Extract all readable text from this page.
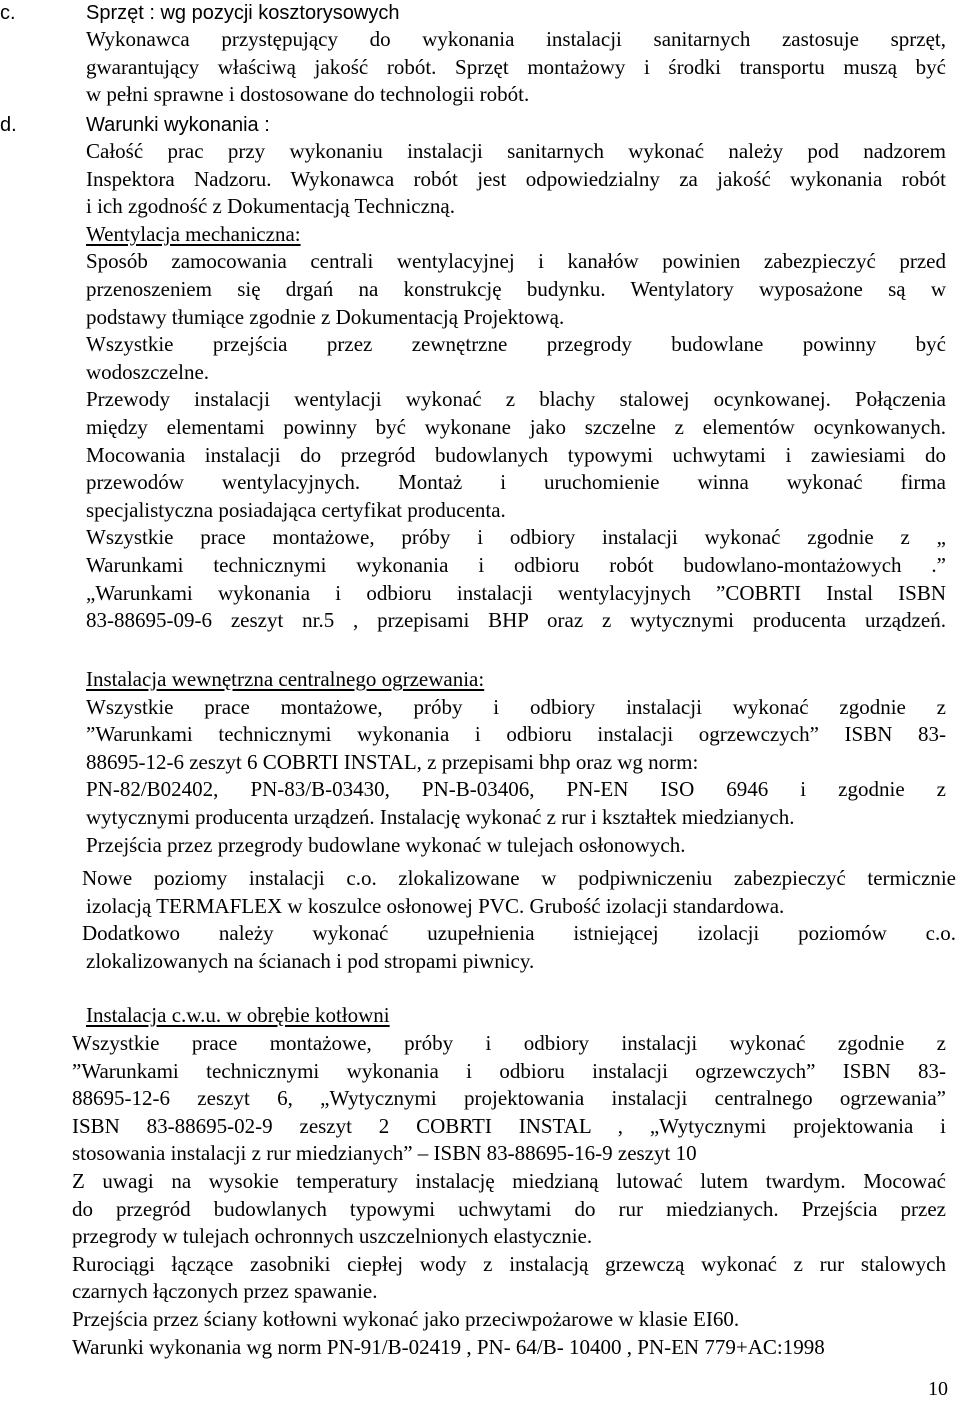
c.	Sprzęt : wg pozycji kosztorysowych
Wykonawca przystępujący do wykonania instalacji sanitarnych zastosuje sprzęt,
gwarantujący właściwą jakość robót. Sprzęt montażowy i środki transportu muszą być
w pełni sprawne i dostosowane do technologii robót.
d.	Warunki wykonania :
Całość prac przy wykonaniu instalacji sanitarnych wykonać należy pod nadzorem
Inspektora Nadzoru. Wykonawca robót jest odpowiedzialny za jakość wykonania robót
i ich zgodność z Dokumentacją Techniczną.
Wentylacja mechaniczna:
Sposób zamocowania centrali wentylacyjnej i kanałów powinien zabezpieczyć przed
przenoszeniem się drgań na konstrukcję budynku. Wentylatory wyposażone są w
podstawy tłumiące zgodnie z Dokumentacją Projektową.
Wszystkie przejścia przez zewnętrzne przegrody budowlane powinny być
wodoszczelne.
Przewody instalacji wentylacji wykonać z blachy stalowej ocynkowanej. Połączenia
między elementami powinny być wykonane jako szczelne z elementów ocynkowanych.
Mocowania instalacji do przegród budowlanych typowymi uchwytami i zawiesiami do
przewodów wentylacyjnych. Montaż i uruchomienie winna wykonać firma
specjalistyczna posiadająca certyfikat producenta.
Wszystkie prace montażowe, próby i odbiory instalacji wykonać zgodnie z „
Warunkami technicznymi wykonania i odbioru robót budowlano-montażowych .”
„Warunkami wykonania i odbioru instalacji wentylacyjnych ”COBRTI Instal ISBN
83-88695-09-6 zeszyt nr.5 , przepisami BHP oraz z wytycznymi producenta urządzeń.
Instalacja wewnętrzna centralnego ogrzewania:
Wszystkie prace montażowe, próby i odbiory instalacji wykonać zgodnie z
”Warunkami technicznymi wykonania i odbioru instalacji ogrzewczych” ISBN 83-
88695-12-6 zeszyt 6 COBRTI INSTAL, z przepisami bhp oraz wg norm:
PN-82/B02402, PN-83/B-03430, PN-B-03406, PN-EN ISO 6946 i zgodnie z
wytycznymi producenta urządzeń. Instalację wykonać z rur i kształtek miedzianych.
Przejścia przez przegrody budowlane wykonać w tulejach osłonowych.
Nowe poziomy instalacji c.o. zlokalizowane w podpiwniczeniu zabezpieczyć termicznie
izolacją TERMAFLEX w koszulce osłonowej PVC. Grubość izolacji standardowa.
Dodatkowo należy wykonać uzupełnienia istniejącej izolacji poziomów c.o.
zlokalizowanych na ścianach i pod stropami piwnicy.
Instalacja c.w.u. w obrębie kotłowni
Wszystkie prace montażowe, próby i odbiory instalacji wykonać zgodnie z
”Warunkami technicznymi wykonania i odbioru instalacji ogrzewczych” ISBN 83-
88695-12-6 zeszyt 6, „Wytycznymi projektowania instalacji centralnego ogrzewania”
ISBN 83-88695-02-9 zeszyt 2 COBRTI INSTAL , „Wytycznymi projektowania i
stosowania instalacji z rur miedzianych” – ISBN 83-88695-16-9 zeszyt 10
Z uwagi na wysokie temperatury instalację miedzianą lutować lutem twardym. Mocować
do przegród budowlanych typowymi uchwytami do rur miedzianych. Przejścia przez
przegrody w tulejach ochronnych uszczelnionych elastycznie.
Rurociągi łączące zasobniki ciepłej wody z instalacją grzewczą wykonać z rur stalowych
czarnych łączonych przez spawanie.
Przejścia przez ściany kotłowni wykonać jako przeciwpożarowe w klasie EI60.
Warunki wykonania wg norm PN-91/B-02419 , PN- 64/B- 10400 , PN-EN 779+AC:1998
10
